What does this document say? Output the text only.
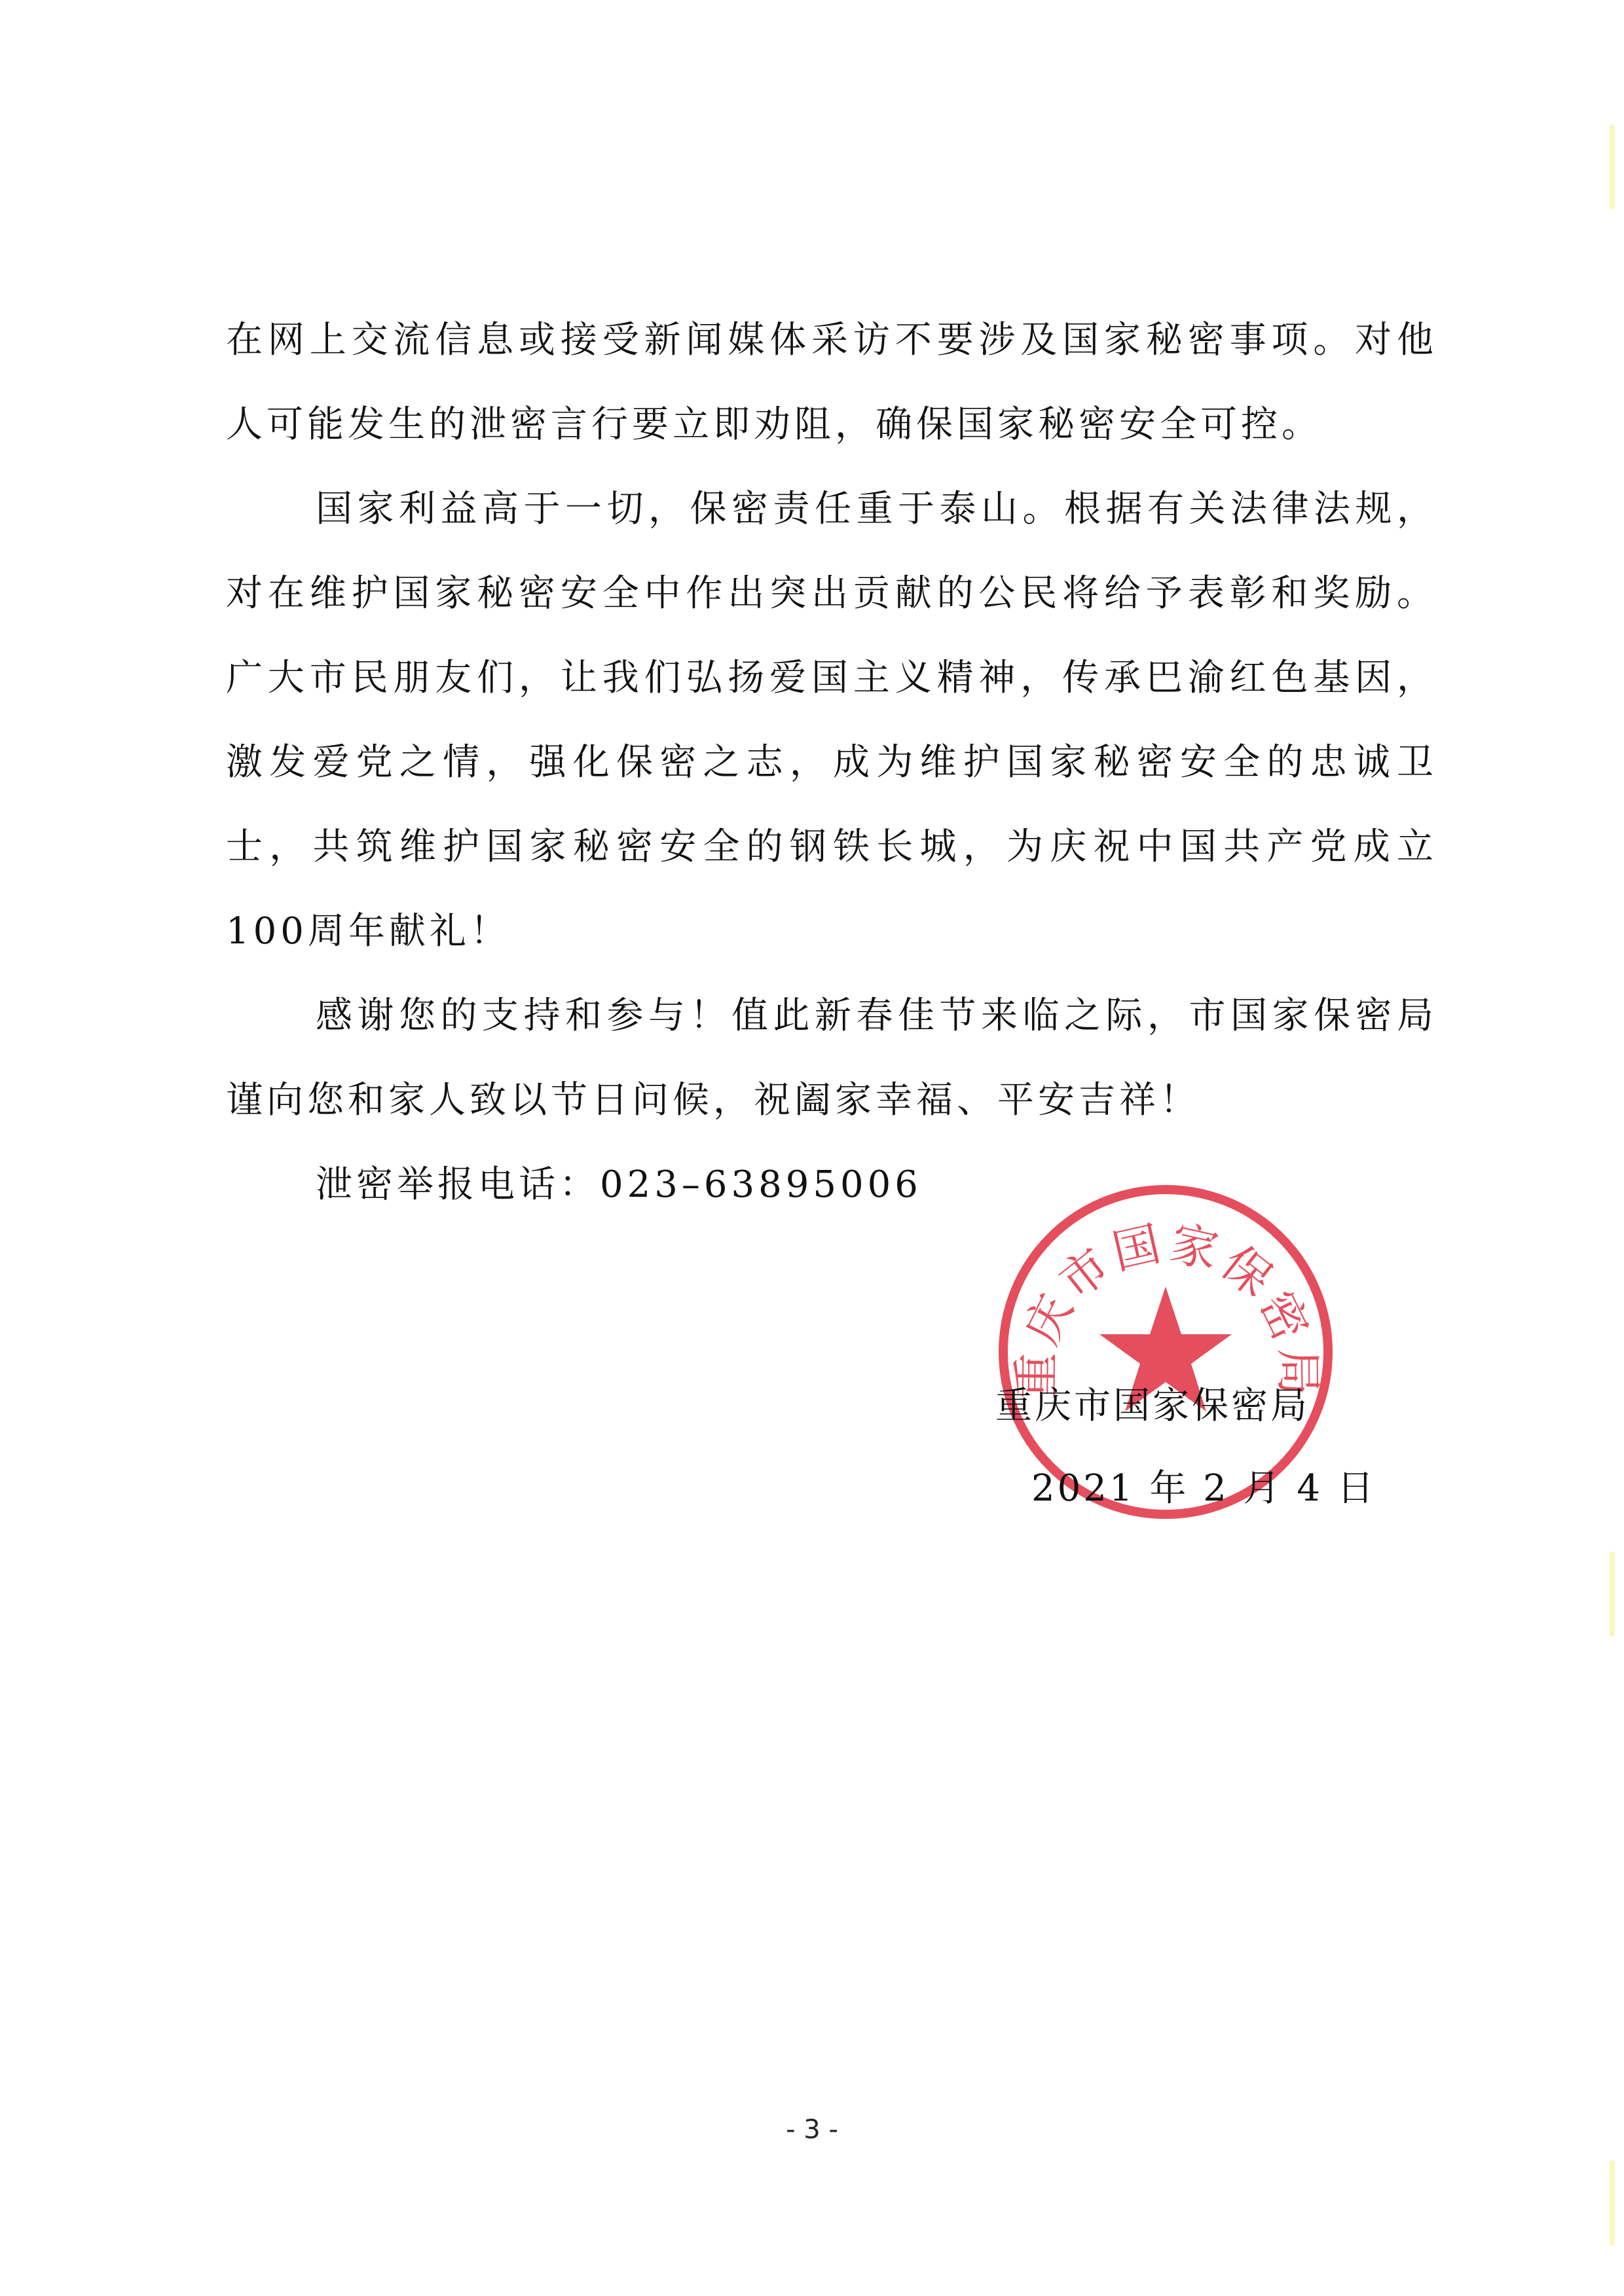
在网上交流信息或接受新闻媒体采访不要涉及国家秘密事项。对他人可能发生的泄密言行要立即劝阻，确保国家秘密安全可控。

国家利益高于一切，保密责任重于泰山。根据有关法律法规，对在维护国家秘密安全中作出突出贡献的公民将给予表彰和奖励。广大市民朋友们，让我们弘扬爱国主义精神，传承巴渝红色基因，激发爱党之情，强化保密之志，成为维护国家秘密安全的忠诚卫士，共筑维护国家秘密安全的钢铁长城，为庆祝中国共产党成立100周年献礼！

感谢您的支持和参与！值此新春佳节来临之际，市国家保密局谨向您和家人致以节日问候，祝阖家幸福、平安吉祥！

泄密举报电话：023–63895006

重庆市国家保密局
重庆市国家保密局
2021 年 2 月 4 日
- 3 -
